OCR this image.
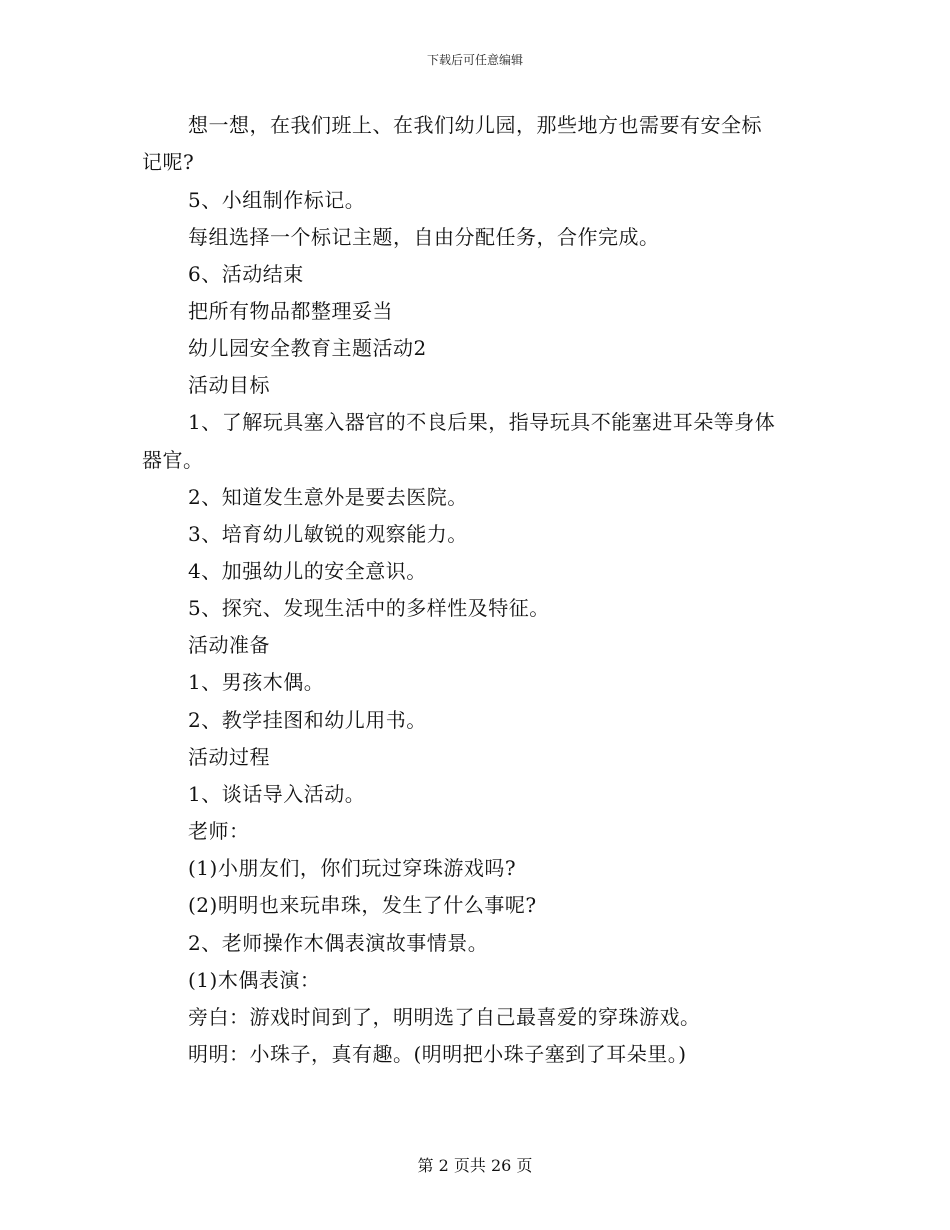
下载后可任意编辑
想一想，在我们班上、在我们幼儿园，那些地方也需要有安全标
记呢?
5、小组制作标记。
每组选择一个标记主题，自由分配任务，合作完成。
6、活动结束
把所有物品都整理妥当
幼儿园安全教育主题活动2
活动目标
1、了解玩具塞入器官的不良后果，指导玩具不能塞进耳朵等身体
器官。
2、知道发生意外是要去医院。
3、培育幼儿敏锐的观察能力。
4、加强幼儿的安全意识。
5、探究、发现生活中的多样性及特征。
活动准备
1、男孩木偶。
2、教学挂图和幼儿用书。
活动过程
1、谈话导入活动。
老师：
(1)小朋友们，你们玩过穿珠游戏吗?
(2)明明也来玩串珠，发生了什么事呢?
2、老师操作木偶表演故事情景。
(1)木偶表演：
旁白：游戏时间到了，明明选了自己最喜爱的穿珠游戏。
明明：小珠子，真有趣。(明明把小珠子塞到了耳朵里。)
第 2 页共 26 页
